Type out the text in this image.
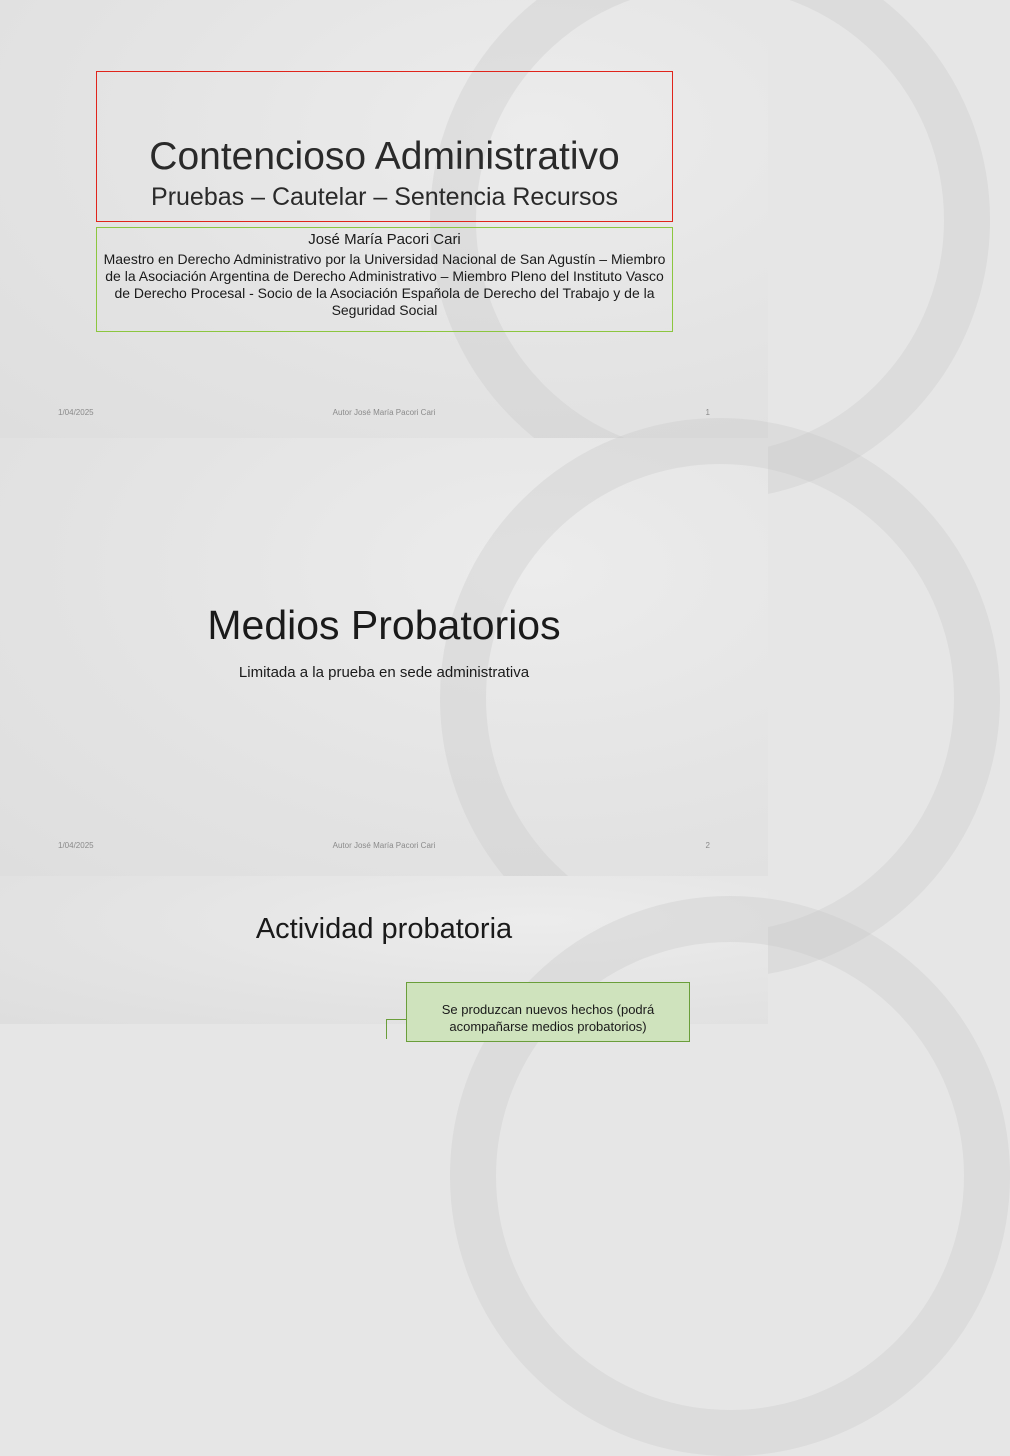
Contencioso Administrativo
Pruebas – Cautelar – Sentencia Recursos
José María Pacori Cari
Maestro en Derecho Administrativo por la Universidad Nacional de San Agustín – Miembro de la Asociación Argentina de Derecho Administrativo – Miembro Pleno del Instituto Vasco de Derecho Procesal - Socio de la Asociación Española de Derecho del Trabajo y de la Seguridad Social
1/04/2025	Autor José María Pacori Cari	1
Medios Probatorios
Limitada a la prueba en sede administrativa
1/04/2025	Autor José María Pacori Cari	2
Actividad probatoria
Se produzcan nuevos hechos (podrá acompañarse medios probatorios)
